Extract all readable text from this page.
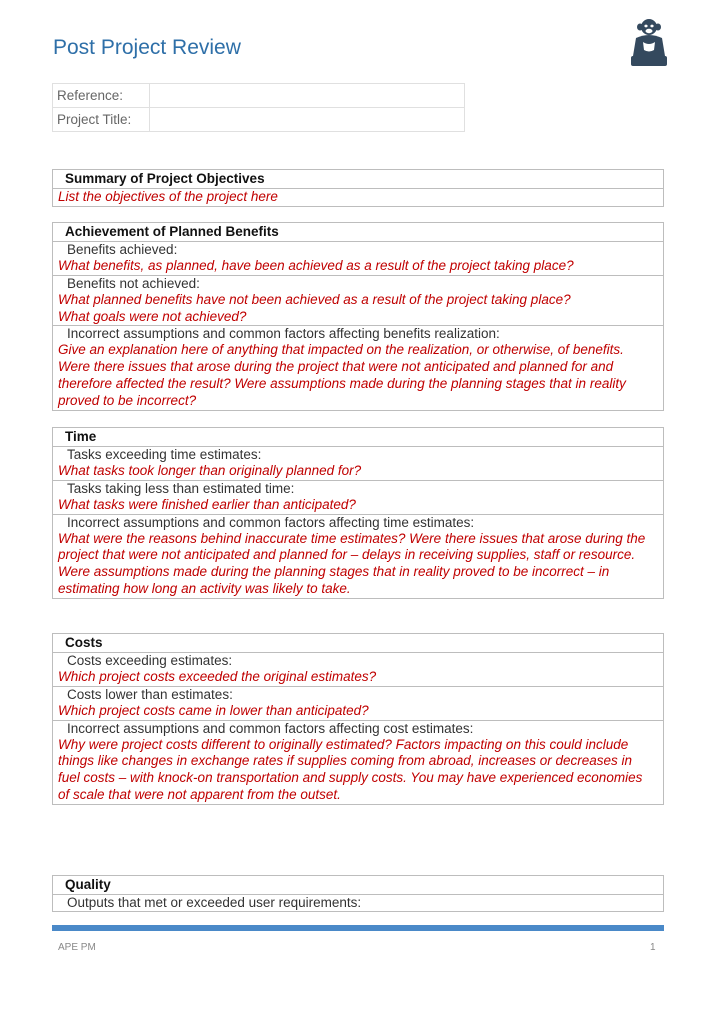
Post Project Review
Reference:	
Project Title:	
Summary of Project Objectives
List the objectives of the project here
Achievement of Planned Benefits
Benefits achieved:
What benefits, as planned, have been achieved as a result of the project taking place?
Benefits not achieved:
What planned benefits have not been achieved as a result of the project taking place?
What goals were not achieved?
Incorrect assumptions and common factors affecting benefits realization:
Give an explanation here of anything that impacted on the realization, or otherwise, of benefits. Were there issues that arose during the project that were not anticipated and planned for and therefore affected the result? Were assumptions made during the planning stages that in reality proved to be incorrect?
Time
Tasks exceeding time estimates:
What tasks took longer than originally planned for?
Tasks taking less than estimated time:
What tasks were finished earlier than anticipated?
Incorrect assumptions and common factors affecting time estimates:
What were the reasons behind inaccurate time estimates? Were there issues that arose during the project that were not anticipated and planned for – delays in receiving supplies, staff or resource. Were assumptions made during the planning stages that in reality proved to be incorrect – in estimating how long an activity was likely to take.
Costs
Costs exceeding estimates:
Which project costs exceeded the original estimates?
Costs lower than estimates:
Which project costs came in lower than anticipated?
Incorrect assumptions and common factors affecting cost estimates:
Why were project costs different to originally estimated? Factors impacting on this could include things like changes in exchange rates if supplies coming from abroad, increases or decreases in fuel costs – with knock-on transportation and supply costs. You may have experienced economies of scale that were not apparent from the outset.
Quality
Outputs that met or exceeded user requirements:
APE PM	1
